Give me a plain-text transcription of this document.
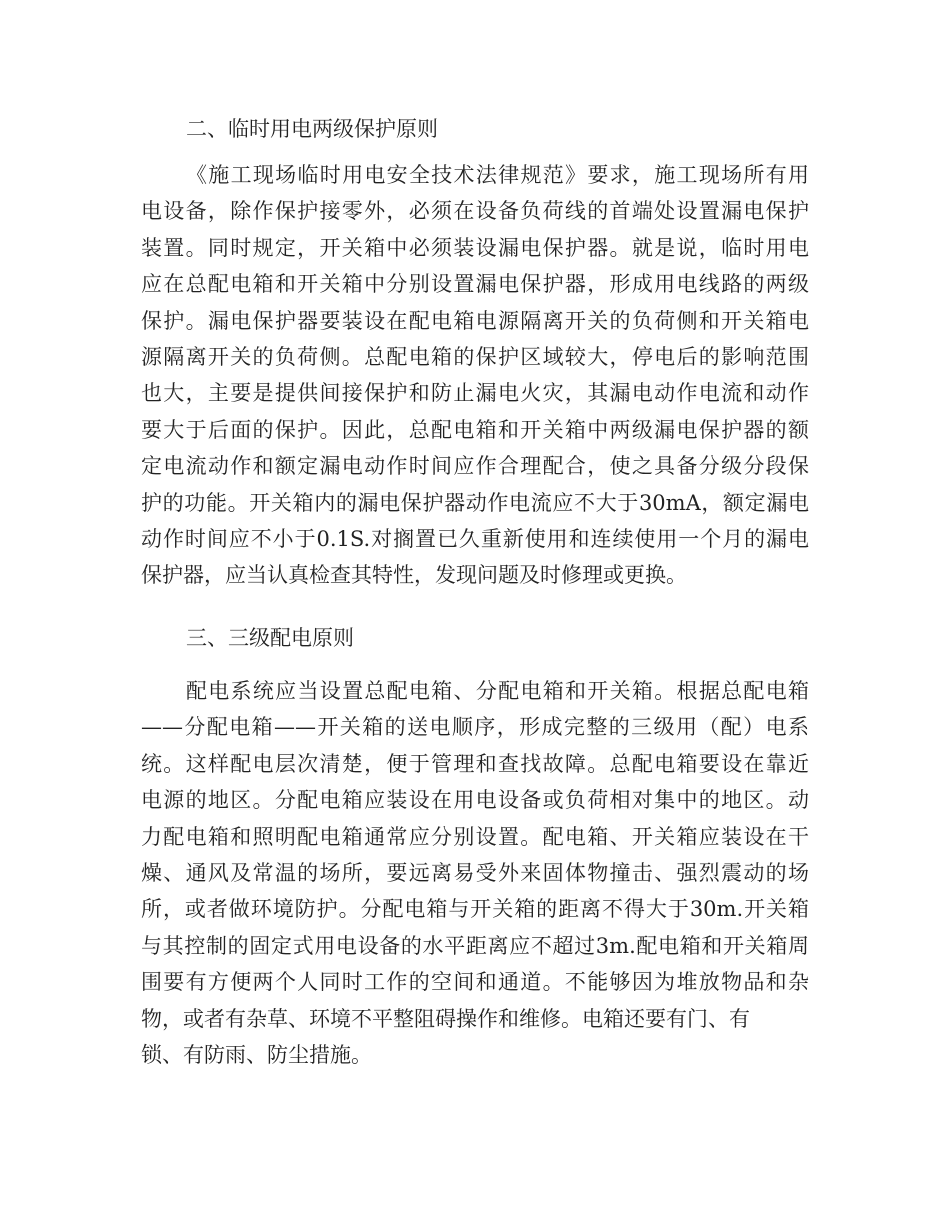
二、临时用电两级保护原则
《施工现场临时用电安全技术法律规范》要求，施工现场所有用
电设备，除作保护接零外，必须在设备负荷线的首端处设置漏电保护
装置。同时规定，开关箱中必须装设漏电保护器。就是说，临时用电
应在总配电箱和开关箱中分别设置漏电保护器，形成用电线路的两级
保护。漏电保护器要装设在配电箱电源隔离开关的负荷侧和开关箱电
源隔离开关的负荷侧。总配电箱的保护区域较大，停电后的影响范围
也大，主要是提供间接保护和防止漏电火灾，其漏电动作电流和动作
要大于后面的保护。因此，总配电箱和开关箱中两级漏电保护器的额
定电流动作和额定漏电动作时间应作合理配合，使之具备分级分段保
护的功能。开关箱内的漏电保护器动作电流应不大于30mA，额定漏电
动作时间应不小于0.1S.对搁置已久重新使用和连续使用一个月的漏电
保护器，应当认真检查其特性，发现问题及时修理或更换。
三、三级配电原则
配电系统应当设置总配电箱、分配电箱和开关箱。根据总配电箱
——分配电箱——开关箱的送电顺序，形成完整的三级用（配）电系
统。这样配电层次清楚，便于管理和查找故障。总配电箱要设在靠近
电源的地区。分配电箱应装设在用电设备或负荷相对集中的地区。动
力配电箱和照明配电箱通常应分别设置。配电箱、开关箱应装设在干
燥、通风及常温的场所，要远离易受外来固体物撞击、强烈震动的场
所，或者做环境防护。分配电箱与开关箱的距离不得大于30m.开关箱
与其控制的固定式用电设备的水平距离应不超过3m.配电箱和开关箱周
围要有方便两个人同时工作的空间和通道。不能够因为堆放物品和杂
物，或者有杂草、环境不平整阻碍操作和维修。电箱还要有门、有
锁、有防雨、防尘措施。
